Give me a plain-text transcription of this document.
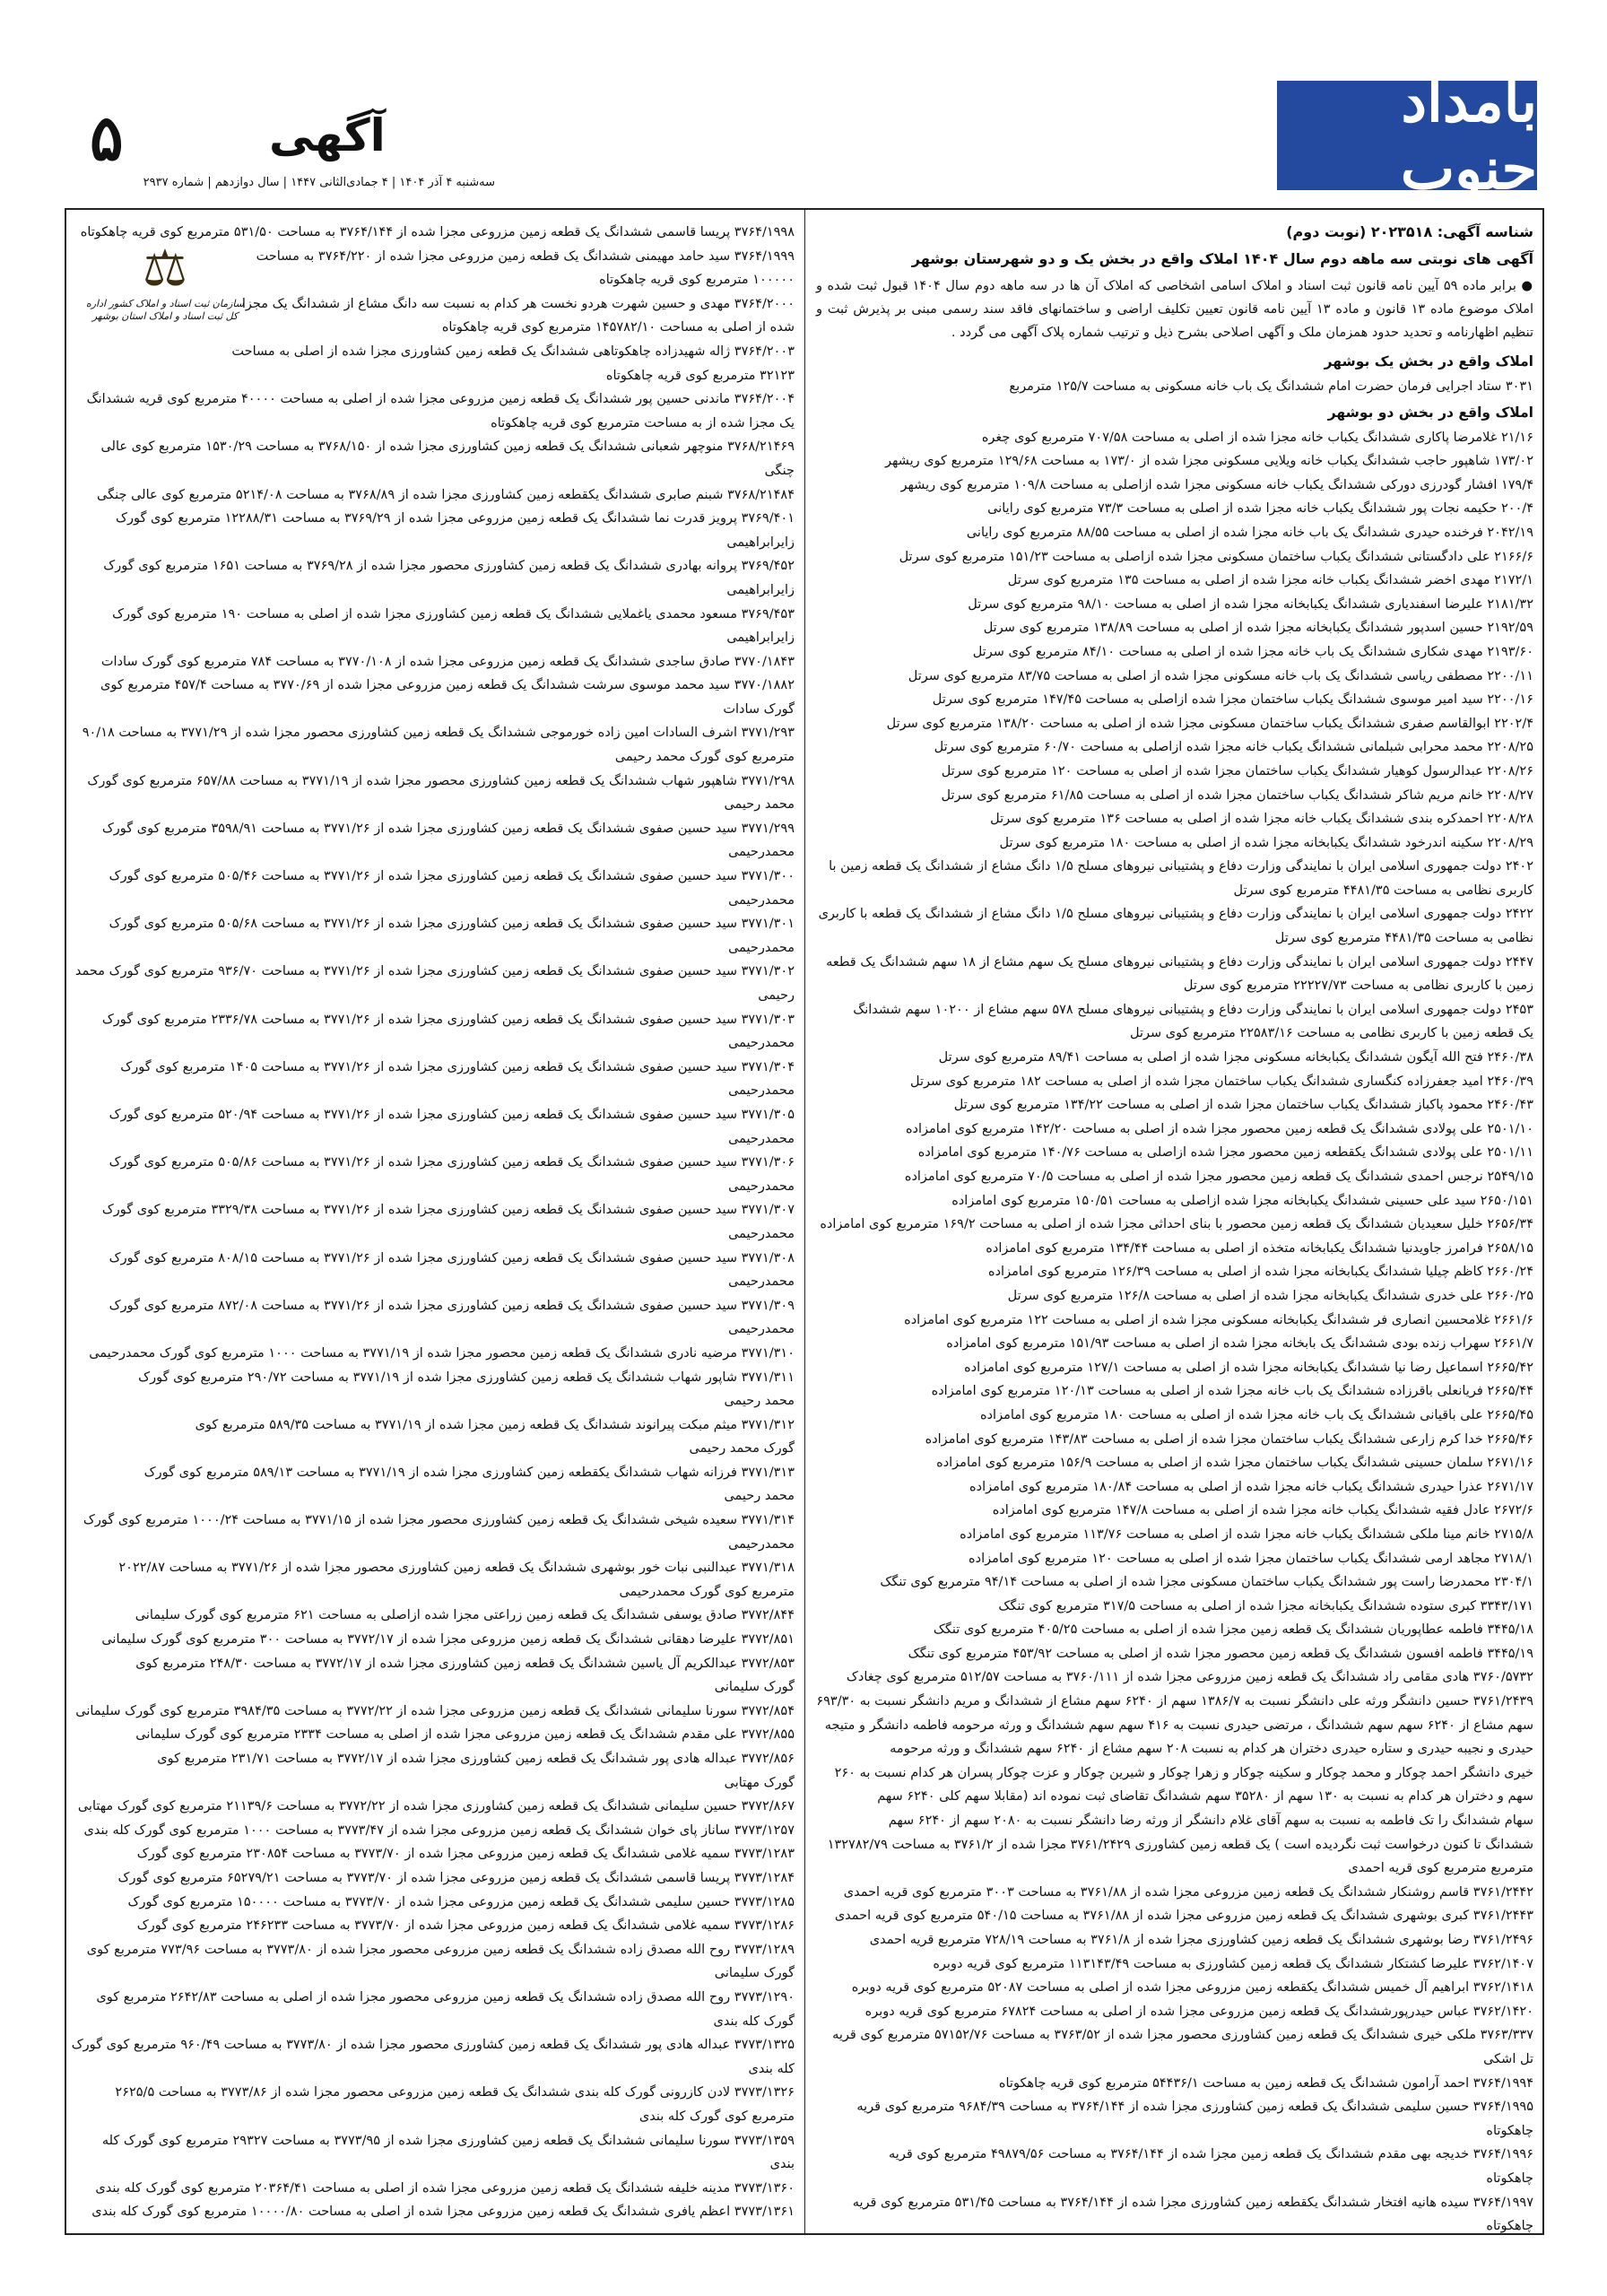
بامداد جنوب
آگهی
۵
سه‌شنبه ۴ آذر ۱۴۰۴ | ۴ جمادی‌الثانی ۱۴۴۷ | سال دوازدهم | شماره ۲۹۳۷

شناسه آگهی: ۲۰۲۳۵۱۸ (نوبت دوم)

آگهی های نوبتی سه ماهه دوم سال ۱۴۰۴ املاک واقع در بخش یک و دو شهرستان بوشهر

● برابر ماده ۵۹ آیین نامه قانون ثبت اسناد و املاک اسامی اشخاصی که املاک آن ها در سه ماهه دوم سال ۱۴۰۴ قبول ثبت شده و املاک موضوع ماده ۱۳ قانون و ماده ۱۳ آیین نامه قانون تعیین تکلیف اراضی و ساختمانهای فاقد سند رسمی مبنی بر پذیرش ثبت و تنظیم اظهارنامه و تحدید حدود همزمان ملک و آگهی اصلاحی بشرح ذیل و ترتیب شماره پلاک آگهی می گردد .

املاک واقع در بخش یک بوشهر

۳۰۳۱ ستاد اجرایی فرمان حضرت امام ششدانگ یک باب خانه مسکونی به مساحت ۱۲۵/۷ مترمربع

املاک واقع در بخش دو بوشهر

۲۱/۱۶ غلامرضا پاکاری ششدانگ یکباب خانه مجزا شده از اصلی به مساحت ۷۰۷/۵۸ مترمربع کوی چغره

۱۷۳/۰۲ شاهپور حاجب ششدانگ یکباب خانه ویلایی مسکونی مجزا شده از ۱۷۳/۰ به مساحت ۱۲۹/۶۸ مترمربع کوی ریشهر

۱۷۹/۴ افشار گودرزی دورکی ششدانگ یکباب خانه مسکونی مجزا شده ازاصلی به مساحت ۱۰۹/۸ مترمربع کوی ریشهر

۲۰۰/۴ حکیمه نجات پور ششدانگ یکباب خانه مجزا شده از اصلی به مساحت ۷۳/۳ مترمربع کوی رایانی

۲۰۴۲/۱۹ فرخنده حیدری ششدانگ یک باب خانه مجزا شده از اصلی به مساحت ۸۸/۵۵ مترمربع کوی رایانی

۲۱۶۶/۶ علی دادگستانی ششدانگ یکباب ساختمان مسکونی مجزا شده ازاصلی به مساحت ۱۵۱/۲۳ مترمربع کوی سرتل

۲۱۷۲/۱ مهدی اخضر ششدانگ یکباب خانه مجزا شده از اصلی به مساحت ۱۳۵ مترمربع کوی سرتل

۲۱۸۱/۳۲ علیرضا اسفندیاری ششدانگ یکبابخانه مجزا شده از اصلی به مساحت ۹۸/۱۰ مترمربع کوی سرتل

۲۱۹۲/۵۹ حسین اسدپور ششدانگ یکبابخانه مجزا شده از اصلی به مساحت ۱۳۸/۸۹ مترمربع کوی سرتل

۲۱۹۳/۶۰ مهدی شکاری ششدانگ یک باب خانه مجزا شده از اصلی به مساحت ۸۴/۱۰ مترمربع کوی سرتل

۲۲۰۰/۱۱ مصطفی ریاسی ششدانگ یک باب خانه مسکونی مجزا شده از اصلی به مساحت ۸۳/۷۵ مترمربع کوی سرتل

۲۲۰۰/۱۶ سید امیر موسوی ششدانگ یکباب ساختمان مجزا شده ازاصلی به مساحت ۱۴۷/۴۵ مترمربع کوی سرتل

۲۲۰۲/۴ ابوالقاسم صفری ششدانگ یکباب ساختمان مسکونی مجزا شده از اصلی به مساحت ۱۳۸/۲۰ مترمربع کوی سرتل

۲۲۰۸/۲۵ محمد محرابی شبلمانی ششدانگ یکباب خانه مجزا شده ازاصلی به مساحت ۶۰/۷۰ مترمربع کوی سرتل

۲۲۰۸/۲۶ عبدالرسول کوهیار ششدانگ یکباب ساختمان مجزا شده از اصلی به مساحت ۱۲۰ مترمربع کوی سرتل

۲۲۰۸/۲۷ خانم مریم شاکر ششدانگ یکباب ساختمان مجزا شده از اصلی به مساحت ۶۱/۸۵ مترمربع کوی سرتل

۲۲۰۸/۲۸ احمدکره بندی ششدانگ یکباب خانه مجزا شده از اصلی به مساحت ۱۳۶ مترمربع کوی سرتل

۲۲۰۸/۲۹ سکینه اندرخود ششدانگ یکبابخانه مجزا شده از اصلی به مساحت ۱۸۰ مترمربع کوی سرتل

۲۴۰۲ دولت جمهوری اسلامی ایران با نمایندگی وزارت دفاع و پشتیبانی نیروهای مسلح ۱/۵ دانگ مشاع از ششدانگ یک قطعه زمین با

کاربری نظامی به مساحت ۴۴۸۱/۳۵ مترمربع کوی سرتل

۲۴۲۲ دولت جمهوری اسلامی ایران با نمایندگی وزارت دفاع و پشتیبانی نیروهای مسلح ۱/۵ دانگ مشاع از ششدانگ یک قطعه با کاربری

نظامی به مساحت ۴۴۸۱/۳۵ مترمربع کوی سرتل

۲۴۴۷ دولت جمهوری اسلامی ایران با نمایندگی وزارت دفاع و پشتیبانی نیروهای مسلح یک سهم مشاع از ۱۸ سهم ششدانگ یک قطعه

زمین با کاربری نظامی به مساحت ۲۲۲۲۷/۷۳ مترمربع کوی سرتل

۲۴۵۳ دولت جمهوری اسلامی ایران با نمایندگی وزارت دفاع و پشتیبانی نیروهای مسلح ۵۷۸ سهم مشاع از ۱۰۲۰۰ سهم ششدانگ

یک قطعه زمین با کاربری نظامی به مساحت ۲۲۵۸۳/۱۶ مترمربع کوی سرتل

۲۴۶۰/۳۸ فتح الله آیگون ششدانگ یکبابخانه مسکونی مجزا شده از اصلی به مساحت ۸۹/۴۱ مترمربع کوی سرتل

۲۴۶۰/۳۹ امید جعفرزاده کنگساری ششدانگ یکباب ساختمان مجزا شده از اصلی به مساحت ۱۸۲ مترمربع کوی سرتل

۲۴۶۰/۴۳ محمود پاکباز ششدانگ یکباب ساختمان مجزا شده از اصلی به مساحت ۱۳۴/۲۲ مترمربع کوی سرتل

۲۵۰۱/۱۰ علی پولادی ششدانگ یک قطعه زمین محصور مجزا شده از اصلی به مساحت ۱۴۲/۲۰ مترمربع کوی امامزاده

۲۵۰۱/۱۱ علی پولادی ششدانگ یکقطعه زمین محصور مجزا شده ازاصلی به مساحت ۱۴۰/۷۶ مترمربع کوی امامزاده

۲۵۴۹/۱۵ نرجس احمدی ششدانگ یک قطعه زمین محصور مجزا شده از اصلی به مساحت ۷۰/۵ مترمربع کوی امامزاده

۲۶۵۰/۱۵۱ سید علی حسینی ششدانگ یکبابخانه مجزا شده ازاصلی به مساحت ۱۵۰/۵۱ مترمربع کوی امامزاده

۲۶۵۶/۳۴ خلیل سعیدیان ششدانگ یک قطعه زمین محصور با بنای احداثی مجزا شده از اصلی به مساحت ۱۶۹/۲ مترمربع کوی امامزاده

۲۶۵۸/۱۵ فرامرز جاویدنیا ششدانگ یکبابخانه متخذه از اصلی به مساحت ۱۳۴/۴۴ مترمربع کوی امامزاده

۲۶۶۰/۲۴ کاظم چیلیا ششدانگ یکبابخانه مجزا شده از اصلی به مساحت ۱۲۶/۳۹ مترمربع کوی امامزاده

۲۶۶۰/۲۵ علی خدری ششدانگ یکبابخانه مجزا شده از اصلی به مساحت ۱۲۶/۸ مترمربع کوی سرتل

۲۶۶۱/۶ غلامحسین انصاری فر ششدانگ یکبابخانه مسکونی مجزا شده از اصلی به مساحت ۱۲۲ مترمربع کوی امامزاده

۲۶۶۱/۷ سهراب زنده بودی ششدانگ یک بابخانه مجزا شده از اصلی به مساحت ۱۵۱/۹۳ مترمربع کوی امامزاده

۲۶۶۵/۴۲ اسماعیل رضا نیا ششدانگ یکبابخانه مجزا شده از اصلی به مساحت ۱۲۷/۱ مترمربع کوی امامزاده

۲۶۶۵/۴۴ فریانعلی باقرزاده ششدانگ یک باب خانه مجزا شده از اصلی به مساحت ۱۲۰/۱۳ مترمربع کوی امامزاده

۲۶۶۵/۴۵ علی باقیانی ششدانگ یک باب خانه مجزا شده از اصلی به مساحت ۱۸۰ مترمربع کوی امامزاده

۲۶۶۵/۴۶ خدا کرم زارعی ششدانگ یکباب ساختمان مجزا شده از اصلی به مساحت ۱۴۳/۸۳ مترمربع کوی امامزاده

۲۶۷۱/۱۶ سلمان حسینی ششدانگ یکباب ساختمان مجزا شده از اصلی به مساحت ۱۵۶/۹ مترمربع کوی امامزاده

۲۶۷۱/۱۷ عذرا حیدری ششدانگ یکباب خانه مجزا شده از اصلی به مساحت ۱۸۰/۸۴ مترمربع کوی امامزاده

۲۶۷۲/۶ عادل فقیه ششدانگ یکباب خانه مجزا شده از اصلی به مساحت ۱۴۷/۸ مترمربع کوی امامزاده

۲۷۱۵/۸ خانم مینا ملکی ششدانگ یکباب خانه مجزا شده از اصلی به مساحت ۱۱۳/۷۶ مترمربع کوی امامزاده

۲۷۱۸/۱ مجاهد ارمی ششدانگ یکباب ساختمان مجزا شده از اصلی به مساحت ۱۲۰ مترمربع کوی امامزاده

۲۳۰۴/۱ محمدرضا راست پور ششدانگ یکباب ساختمان مسکونی مجزا شده از اصلی به مساحت ۹۴/۱۴ مترمربع کوی تنگک

۳۳۴۳/۱۷۱ کبری ستوده ششدانگ یکبابخانه مجزا شده از اصلی به مساحت ۳۱۷/۵ مترمربع کوی تنگک

۳۴۴۵/۱۸ فاطمه عطاپوریان ششدانگ یک قطعه زمین مجزا شده از اصلی به مساحت ۴۰۵/۲۵ مترمربع کوی تنگک

۳۴۴۵/۱۹ فاطمه افسون ششدانگ یک قطعه زمین محصور مجزا شده از اصلی به مساحت ۴۵۳/۹۲ مترمربع کوی تنگک

۳۷۶۰/۵۷۳۲ هادی مقامی راد ششدانگ یک قطعه زمین مزروعی مجزا شده از ۳۷۶۰/۱۱۱ به مساحت ۵۱۲/۵۷ مترمربع کوی چغادک

۳۷۶۱/۲۴۳۹ حسین دانشگر ورثه علی دانشگر نسبت به ۱۳۸۶/۷ سهم از ۶۲۴۰ سهم مشاع از ششدانگ و مریم دانشگر نسبت به ۶۹۳/۳۰

سهم مشاع از ۶۲۴۰ سهم سهم ششدانگ ، مرتضی حیدری نسبت به ۴۱۶ سهم سهم ششدانگ و ورثه مرحومه فاطمه دانشگر و متیجه

حیدری و نجیبه حیدری و ستاره حیدری دختران هر کدام به نسبت ۲۰۸ سهم مشاع از ۶۲۴۰ سهم ششدانگ و ورثه مرحومه

خیری دانشگر احمد چوکار و محمد چوکار و سکینه چوکار و زهرا چوکار و شیرین چوکار و عزت چوکار پسران هر کدام نسبت به ۲۶۰

سهم و دختران هر کدام به نسبت به ۱۳۰ سهم از ۳۵۲۸۰ سهم ششدانگ تقاضای ثبت نموده اند (مقابلا سهم کلی ۶۲۴۰ سهم

سهام ششدانگ را تک فاطمه به نسبت به سهم آقای غلام دانشگر از ورثه رضا دانشگر نسبت به ۲۰۸۰ سهم از ۶۲۴۰ سهم

ششدانگ تا کنون درخواست ثبت نگردیده است ) یک قطعه زمین کشاورزی ۳۷۶۱/۲۴۲۹ مجزا شده از ۳۷۶۱/۲ به مساحت ۱۳۲۷۸۲/۷۹

مترمربع مترمربع کوی قریه احمدی

۳۷۶۱/۲۴۴۲ قاسم روشنکار ششدانگ یک قطعه زمین مزروعی مجزا شده از ۳۷۶۱/۸۸ به مساحت ۳۰۰۳ مترمربع کوی قریه احمدی

۳۷۶۱/۲۴۴۳ کبری بوشهری ششدانگ یک قطعه زمین مزروعی مجزا شده از ۳۷۶۱/۸۸ به مساحت ۵۴۰/۱۵ مترمربع کوی قریه احمدی

۳۷۶۱/۲۴۹۶ رضا بوشهری ششدانگ یک قطعه زمین کشاورزی مجزا شده از ۳۷۶۱/۸ به مساحت ۷۲۸/۱۹ مترمربع قریه احمدی

۳۷۶۲/۱۴۰۷ علیرضا کشتکار ششدانگ یک قطعه زمین کشاورزی به مساحت ۱۱۳۱۴۳/۴۹ مترمربع کوی قریه دوبره

۳۷۶۲/۱۴۱۸ ابراهیم آل خمیس ششدانگ یکقطعه زمین مزروعی مجزا شده از اصلی به مساحت ۵۲۰۸۷ مترمربع کوی قریه دوبره

۳۷۶۲/۱۴۲۰ عباس حیدرپورششدانگ یک قطعه زمین مزروعی مجزا شده از اصلی به مساحت ۶۷۸۲۴ مترمربع کوی قریه دوبره

۳۷۶۳/۳۳۷ ملکی خیری ششدانگ یک قطعه زمین کشاورزی محصور مجزا شده از ۳۷۶۳/۵۲ به مساحت ۵۷۱۵۲/۷۶ مترمربع کوی قریه

تل اشکی

۳۷۶۴/۱۹۹۴ احمد آرامون ششدانگ یک قطعه زمین به مساحت ۵۴۴۳۶/۱ مترمربع کوی قریه چاهکوتاه

۳۷۶۴/۱۹۹۵ حسین سلیمی ششدانگ یک قطعه زمین کشاورزی مجزا شده از ۳۷۶۴/۱۴۴ به مساحت ۹۶۸۴/۳۹ مترمربع کوی قریه

چاهکوتاه

۳۷۶۴/۱۹۹۶ خدیجه بهی مقدم ششدانگ یک قطعه زمین مجزا شده از ۳۷۶۴/۱۴۴ به مساحت ۴۹۸۷۹/۵۶ مترمربع کوی قریه

چاهکوتاه

۳۷۶۴/۱۹۹۷ سیده هانیه افتخار ششدانگ یکقطعه زمین کشاورزی مجزا شده از ۳۷۶۴/۱۴۴ به مساحت ۵۳۱/۴۵ مترمربع کوی قریه

چاهکوتاه

⚖
سازمان ثبت اسناد و املاک کشور اداره کل ثبت اسناد و املاک استان بوشهر

۳۷۶۴/۱۹۹۸ پریسا قاسمی ششدانگ یک قطعه زمین مزروعی مجزا شده از ۳۷۶۴/۱۴۴ به مساحت ۵۳۱/۵۰ مترمربع کوی قریه چاهکوتاه

۳۷۶۴/۱۹۹۹ سید حامد مهیمنی ششدانگ یک قطعه زمین مزروعی مجزا شده از ۳۷۶۴/۲۲۰ به مساحت

۱۰۰۰۰۰ مترمربع کوی قریه چاهکوتاه

۳۷۶۴/۲۰۰۰ مهدی و حسین شهرت هردو نخست هر کدام به نسبت سه دانگ مشاع از ششدانگ یک مجزا

شده از اصلی به مساحت ۱۴۵۷۸۲/۱۰ مترمربع کوی قریه چاهکوتاه

۳۷۶۴/۲۰۰۳ ژاله شهیدزاده چاهکوتاهی ششدانگ یک قطعه زمین کشاورزی مجزا شده از اصلی به مساحت

۳۲۱۲۳ مترمربع کوی قریه چاهکوتاه

۳۷۶۴/۲۰۰۴ ماندنی حسین پور ششدانگ یک قطعه زمین مزروعی مجزا شده از اصلی به مساحت ۴۰۰۰۰ مترمربع کوی قریه ششدانگ

یک مجزا شده از به مساحت مترمربع کوی قریه چاهکوتاه

۳۷۶۸/۲۱۴۶۹ منوچهر شعبانی ششدانگ یک قطعه زمین کشاورزی مجزا شده از ۳۷۶۸/۱۵۰ به مساحت ۱۵۳۰/۲۹ مترمربع کوی عالی

چنگی

۳۷۶۸/۲۱۴۸۴ شبنم صابری ششدانگ یکقطعه زمین کشاورزی مجزا شده از ۳۷۶۸/۸۹ به مساحت ۵۲۱۴/۰۸ مترمربع کوی عالی چنگی

۳۷۶۹/۴۰۱ پرویز قدرت نما ششدانگ یک قطعه زمین مزروعی مجزا شده از ۳۷۶۹/۲۹ به مساحت ۱۲۲۸۸/۳۱ مترمربع کوی گورک

زایرابراهیمی

۳۷۶۹/۴۵۲ پروانه بهادری ششدانگ یک قطعه زمین کشاورزی محصور مجزا شده از ۳۷۶۹/۲۸ به مساحت ۱۶۵۱ مترمربع کوی گورک

زایرابراهیمی

۳۷۶۹/۴۵۳ مسعود محمدی یاغملایی ششدانگ یک قطعه زمین کشاورزی مجزا شده از اصلی به مساحت ۱۹۰ مترمربع کوی گورک

زایرابراهیمی

۳۷۷۰/۱۸۴۳ صادق ساجدی ششدانگ یک قطعه زمین مزروعی مجزا شده از ۳۷۷۰/۱۰۸ به مساحت ۷۸۴ مترمربع کوی گورک سادات

۳۷۷۰/۱۸۸۲ سید محمد موسوی سرشت ششدانگ یک قطعه زمین مزروعی مجزا شده از ۳۷۷۰/۶۹ به مساحت ۴۵۷/۴ مترمربع کوی

گورک سادات

۳۷۷۱/۲۹۳ اشرف السادات امین زاده خورموجی ششدانگ یک قطعه زمین کشاورزی محصور مجزا شده از ۳۷۷۱/۲۹ به مساحت ۹۰/۱۸

مترمربع کوی گورک محمد رحیمی

۳۷۷۱/۲۹۸ شاهپور شهاب ششدانگ یک قطعه زمین کشاورزی محصور مجزا شده از ۳۷۷۱/۱۹ به مساحت ۶۵۷/۸۸ مترمربع کوی گورک

محمد رحیمی

۳۷۷۱/۲۹۹ سید حسین صفوی ششدانگ یک قطعه زمین کشاورزی مجزا شده از ۳۷۷۱/۲۶ به مساحت ۳۵۹۸/۹۱ مترمربع کوی گورک

محمدرحیمی

۳۷۷۱/۳۰۰ سید حسین صفوی ششدانگ یک قطعه زمین کشاورزی مجزا شده از ۳۷۷۱/۲۶ به مساحت ۵۰۵/۴۶ مترمربع کوی گورک

محمدرحیمی

۳۷۷۱/۳۰۱ سید حسین صفوی ششدانگ یک قطعه زمین کشاورزی مجزا شده از ۳۷۷۱/۲۶ به مساحت ۵۰۵/۶۸ مترمربع کوی گورک

محمدرحیمی

۳۷۷۱/۳۰۲ سید حسین صفوی ششدانگ یک قطعه زمین کشاورزی مجزا شده از ۳۷۷۱/۲۶ به مساحت ۹۳۶/۷۰ مترمربع کوی گورک محمد

رحیمی

۳۷۷۱/۳۰۳ سید حسین صفوی ششدانگ یک قطعه زمین کشاورزی مجزا شده از ۳۷۷۱/۲۶ به مساحت ۲۳۳۶/۷۸ مترمربع کوی گورک

محمدرحیمی

۳۷۷۱/۳۰۴ سید حسین صفوی ششدانگ یک قطعه زمین کشاورزی مجزا شده از ۳۷۷۱/۲۶ به مساحت ۱۴۰۵ مترمربع کوی گورک

محمدرحیمی

۳۷۷۱/۳۰۵ سید حسین صفوی ششدانگ یک قطعه زمین کشاورزی مجزا شده از ۳۷۷۱/۲۶ به مساحت ۵۲۰/۹۴ مترمربع کوی گورک

محمدرحیمی

۳۷۷۱/۳۰۶ سید حسین صفوی ششدانگ یک قطعه زمین کشاورزی مجزا شده از ۳۷۷۱/۲۶ به مساحت ۵۰۵/۸۶ مترمربع کوی گورک

محمدرحیمی

۳۷۷۱/۳۰۷ سید حسین صفوی ششدانگ یک قطعه زمین کشاورزی مجزا شده از ۳۷۷۱/۲۶ به مساحت ۳۳۲۹/۳۸ مترمربع کوی گورک

محمدرحیمی

۳۷۷۱/۳۰۸ سید حسین صفوی ششدانگ یک قطعه زمین کشاورزی مجزا شده از ۳۷۷۱/۲۶ به مساحت ۸۰۸/۱۵ مترمربع کوی گورک

محمدرحیمی

۳۷۷۱/۳۰۹ سید حسین صفوی ششدانگ یک قطعه زمین کشاورزی مجزا شده از ۳۷۷۱/۲۶ به مساحت ۸۷۲/۰۸ مترمربع کوی گورک

محمدرحیمی

۳۷۷۱/۳۱۰ مرضیه نادری ششدانگ یک قطعه زمین محصور مجزا شده از ۳۷۷۱/۱۹ به مساحت ۱۰۰۰ مترمربع کوی گورک محمدرحیمی

۳۷۷۱/۳۱۱ شاپور شهاب ششدانگ یک قطعه زمین کشاورزی مجزا شده از ۳۷۷۱/۱۹ به مساحت ۲۹۰/۷۲ مترمربع کوی گورک

محمد رحیمی

۳۷۷۱/۳۱۲ میثم مبکت پیرانوند ششدانگ یک قطعه زمین مجزا شده از ۳۷۷۱/۱۹ به مساحت ۵۸۹/۳۵ مترمربع کوی

گورک محمد رحیمی

۳۷۷۱/۳۱۳ فرزانه شهاب ششدانگ یکقطعه زمین کشاورزی مجزا شده از ۳۷۷۱/۱۹ به مساحت ۵۸۹/۱۳ مترمربع کوی گورک

محمد رحیمی

۳۷۷۱/۳۱۴ سعیده شیخی ششدانگ یک قطعه زمین کشاورزی محصور مجزا شده از ۳۷۷۱/۱۵ به مساحت ۱۰۰۰/۲۴ مترمربع کوی گورک

محمدرحیمی

۳۷۷۱/۳۱۸ عبدالنبی نبات خور بوشهری ششدانگ یک قطعه زمین کشاورزی محصور مجزا شده از ۳۷۷۱/۲۶ به مساحت ۲۰۲۲/۸۷

مترمربع کوی گورک محمدرحیمی

۳۷۷۲/۸۴۴ صادق یوسفی ششدانگ یک قطعه زمین زراعتی مجزا شده ازاصلی به مساحت ۶۲۱ مترمربع کوی گورک سلیمانی

۳۷۷۲/۸۵۱ علیرضا دهقانی ششدانگ یک قطعه زمین مزروعی مجزا شده از ۳۷۷۲/۱۷ به مساحت ۳۰۰ مترمربع کوی گورک سلیمانی

۳۷۷۲/۸۵۳ عبدالکریم آل یاسین ششدانگ یک قطعه زمین کشاورزی مجزا شده از ۳۷۷۲/۱۷ به مساحت ۲۴۸/۳۰ مترمربع کوی

گورک سلیمانی

۳۷۷۲/۸۵۴ سورنا سلیمانی ششدانگ یک قطعه زمین مزروعی مجزا شده از ۳۷۷۲/۲۲ به مساحت ۳۹۸۴/۳۵ مترمربع کوی گورک سلیمانی

۳۷۷۲/۸۵۵ علی مقدم ششدانگ یک قطعه زمین مزروعی مجزا شده از اصلی به مساحت ۲۳۳۴ مترمربع کوی گورک سلیمانی

۳۷۷۲/۸۵۶ عبداله هادی پور ششدانگ یک قطعه زمین کشاورزی مجزا شده از ۳۷۷۲/۱۷ به مساحت ۲۳۱/۷۱ مترمربع کوی

گورک مهتابی

۳۷۷۲/۸۶۷ حسین سلیمانی ششدانگ یک قطعه زمین کشاورزی مجزا شده از ۳۷۷۲/۲۲ به مساحت ۲۱۱۳۹/۶ مترمربع کوی گورک مهتابی

۳۷۷۳/۱۲۵۷ ساناز پای خوان ششدانگ یک قطعه زمین مزروعی مجزا شده از ۳۷۷۳/۴۷ به مساحت ۱۰۰۰ مترمربع کوی گورک کله بندی

۳۷۷۳/۱۲۸۳ سمیه غلامی ششدانگ یک قطعه زمین مزروعی مجزا شده از ۳۷۷۳/۷۰ به مساحت ۲۳۰۸۵۴ مترمربع کوی گورک

۳۷۷۳/۱۲۸۴ پریسا قاسمی ششدانگ یک قطعه زمین مزروعی مجزا شده از ۳۷۷۳/۷۰ به مساحت ۶۵۲۷۹/۲۱ مترمربع کوی گورک

۳۷۷۳/۱۲۸۵ حسین سلیمی ششدانگ یک قطعه زمین مزروعی مجزا شده از ۳۷۷۳/۷۰ به مساحت ۱۵۰۰۰۰ مترمربع کوی گورک

۳۷۷۳/۱۲۸۶ سمیه غلامی ششدانگ یک قطعه زمین مزروعی مجزا شده از ۳۷۷۳/۷۰ به مساحت ۲۴۶۲۳۳ مترمربع کوی گورک

۳۷۷۳/۱۲۸۹ روح الله مصدق زاده ششدانگ یک قطعه زمین مزروعی محصور مجزا شده از ۳۷۷۳/۸۰ به مساحت ۷۷۳/۹۶ مترمربع کوی

گورک سلیمانی

۳۷۷۳/۱۲۹۰ روح الله مصدق زاده ششدانگ یک قطعه زمین مزروعی محصور مجزا شده از اصلی به مساحت ۲۶۴۲/۸۳ مترمربع کوی

گورک کله بندی

۳۷۷۳/۱۳۲۵ عبداله هادی پور ششدانگ یک قطعه زمین کشاورزی محصور مجزا شده از ۳۷۷۳/۸۰ به مساحت ۹۶۰/۴۹ مترمربع کوی گورک

کله بندی

۳۷۷۳/۱۳۲۶ لادن کازرونی گورک کله بندی ششدانگ یک قطعه زمین مزروعی محصور مجزا شده از ۳۷۷۳/۸۶ به مساحت ۲۶۲۵/۵

مترمربع کوی گورک کله بندی

۳۷۷۳/۱۳۵۹ سورنا سلیمانی ششدانگ یک قطعه زمین کشاورزی مجزا شده از ۳۷۷۳/۹۵ به مساحت ۲۹۳۲۷ مترمربع کوی گورک کله

بندی

۳۷۷۳/۱۳۶۰ مدینه خلیفه ششدانگ یک قطعه زمین مزروعی مجزا شده از اصلی به مساحت ۲۰۳۶۴/۴۱ مترمربع کوی گورک کله بندی

۳۷۷۳/۱۳۶۱ اعظم یافری ششدانگ یک قطعه زمین مزروعی مجزا شده از اصلی به مساحت ۱۰۰۰۰/۸۰ مترمربع کوی گورک کله بندی
